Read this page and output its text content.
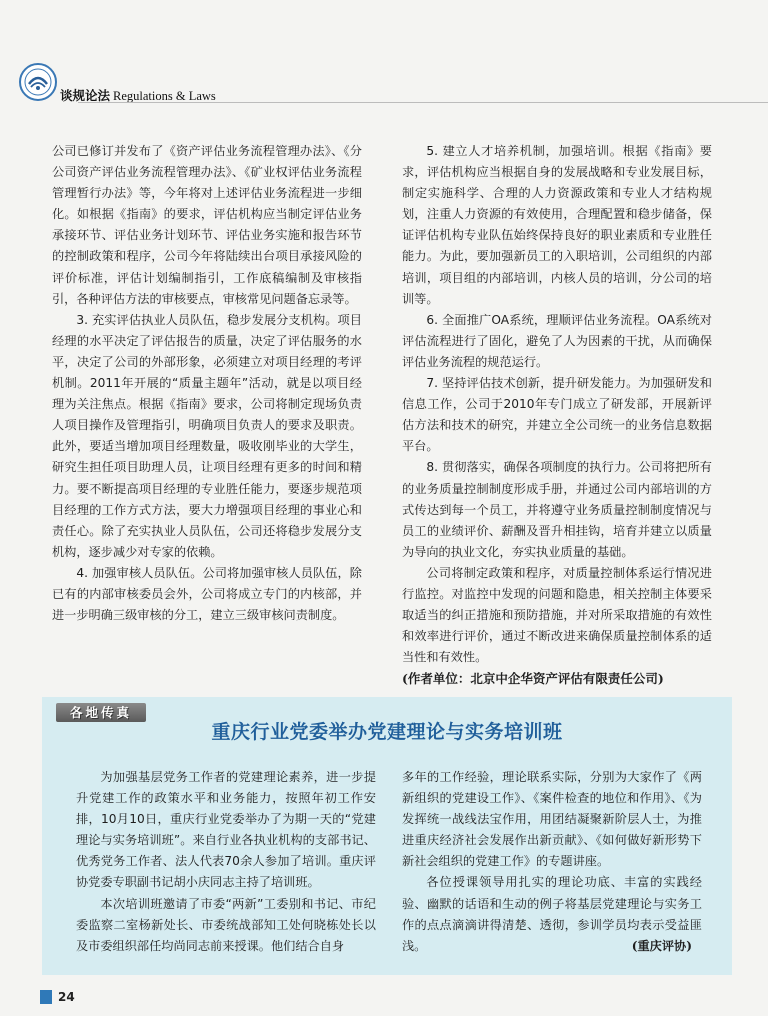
谈规论法 Regulations & Laws

公司已修订并发布了《资产评估业务流程管理办法》、《分公司资产评估业务流程管理办法》、《矿业权评估业务流程管理暂行办法》等，今年将对上述评估业务流程进一步细化。如根据《指南》的要求，评估机构应当制定评估业务承接环节、评估业务计划环节、评估业务实施和报告环节的控制政策和程序，公司今年将陆续出台项目承接风险的评价标准，评估计划编制指引，工作底稿编制及审核指引，各种评估方法的审核要点，审核常见问题备忘录等。

3. 充实评估执业人员队伍，稳步发展分支机构。项目经理的水平决定了评估报告的质量，决定了评估服务的水平，决定了公司的外部形象，必须建立对项目经理的考评机制。2011年开展的“质量主题年”活动，就是以项目经理为关注焦点。根据《指南》要求，公司将制定现场负责人项目操作及管理指引，明确项目负责人的要求及职责。此外，要适当增加项目经理数量，吸收刚毕业的大学生，研究生担任项目助理人员，让项目经理有更多的时间和精力。要不断提高项目经理的专业胜任能力，要逐步规范项目经理的工作方式方法，要大力增强项目经理的事业心和责任心。除了充实执业人员队伍，公司还将稳步发展分支机构，逐步减少对专家的依赖。

4. 加强审核人员队伍。公司将加强审核人员队伍，除已有的内部审核委员会外，公司将成立专门的内核部，并进一步明确三级审核的分工，建立三级审核问责制度。

5. 建立人才培养机制，加强培训。根据《指南》要求，评估机构应当根据自身的发展战略和专业发展目标，制定实施科学、合理的人力资源政策和专业人才结构规划，注重人力资源的有效使用，合理配置和稳步储备，保证评估机构专业队伍始终保持良好的职业素质和专业胜任能力。为此，要加强新员工的入职培训，公司组织的内部培训，项目组的内部培训，内核人员的培训，分公司的培训等。

6. 全面推广OA系统，理顺评估业务流程。OA系统对评估流程进行了固化，避免了人为因素的干扰，从而确保评估业务流程的规范运行。

7. 坚持评估技术创新，提升研发能力。为加强研发和信息工作，公司于2010年专门成立了研发部，开展新评估方法和技术的研究，并建立全公司统一的业务信息数据平台。

8. 贯彻落实，确保各项制度的执行力。公司将把所有的业务质量控制制度形成手册，并通过公司内部培训的方式传达到每一个员工，并将遵守业务质量控制制度情况与员工的业绩评价、薪酬及晋升相挂钩，培育并建立以质量为导向的执业文化，夯实执业质量的基础。

公司将制定政策和程序，对质量控制体系运行情况进行监控。对监控中发现的问题和隐患，相关控制主体要采取适当的纠正措施和预防措施，并对所采取措施的有效性和效率进行评价，通过不断改进来确保质量控制体系的适当性和有效性。

(作者单位：北京中企华资产评估有限责任公司)

各地传真
重庆行业党委举办党建理论与实务培训班

为加强基层党务工作者的党建理论素养，进一步提升党建工作的政策水平和业务能力，按照年初工作安排，10月10日，重庆行业党委举办了为期一天的“党建理论与实务培训班”。来自行业各执业机构的支部书记、优秀党务工作者、法人代表70余人参加了培训。重庆评协党委专职副书记胡小庆同志主持了培训班。

本次培训班邀请了市委“两新”工委别和书记、市纪委监察二室杨新处长、市委统战部知工处何晓栋处长以及市委组织部任均尚同志前来授课。他们结合自身

多年的工作经验，理论联系实际，分别为大家作了《两新组织的党建设工作》、《案件检查的地位和作用》、《为发挥统一战线法宝作用，用团结凝聚新阶层人士，为推进重庆经济社会发展作出新贡献》、《如何做好新形势下新社会组织的党建工作》的专题讲座。

各位授课领导用扎实的理论功底、丰富的实践经验、幽默的话语和生动的例子将基层党建理论与实务工作的点点滴滴讲得清楚、透彻，参训学员均表示受益匪浅。	(重庆评协)

24
